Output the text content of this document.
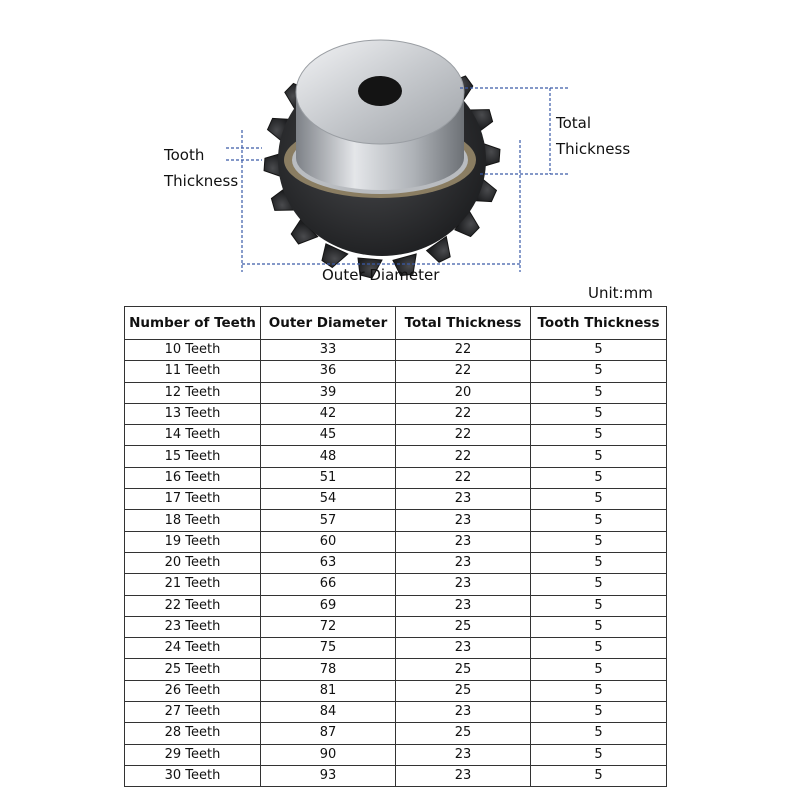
Tooth
Thickness
Total
Thickness
Outer Diameter
Unit:mm
Number of Teeth	Outer Diameter	Total Thickness	Tooth Thickness
10 Teeth	33	22	5
11 Teeth	36	22	5
12 Teeth	39	20	5
13 Teeth	42	22	5
14 Teeth	45	22	5
15 Teeth	48	22	5
16 Teeth	51	22	5
17 Teeth	54	23	5
18 Teeth	57	23	5
19 Teeth	60	23	5
20 Teeth	63	23	5
21 Teeth	66	23	5
22 Teeth	69	23	5
23 Teeth	72	25	5
24 Teeth	75	23	5
25 Teeth	78	25	5
26 Teeth	81	25	5
27 Teeth	84	23	5
28 Teeth	87	25	5
29 Teeth	90	23	5
30 Teeth	93	23	5
